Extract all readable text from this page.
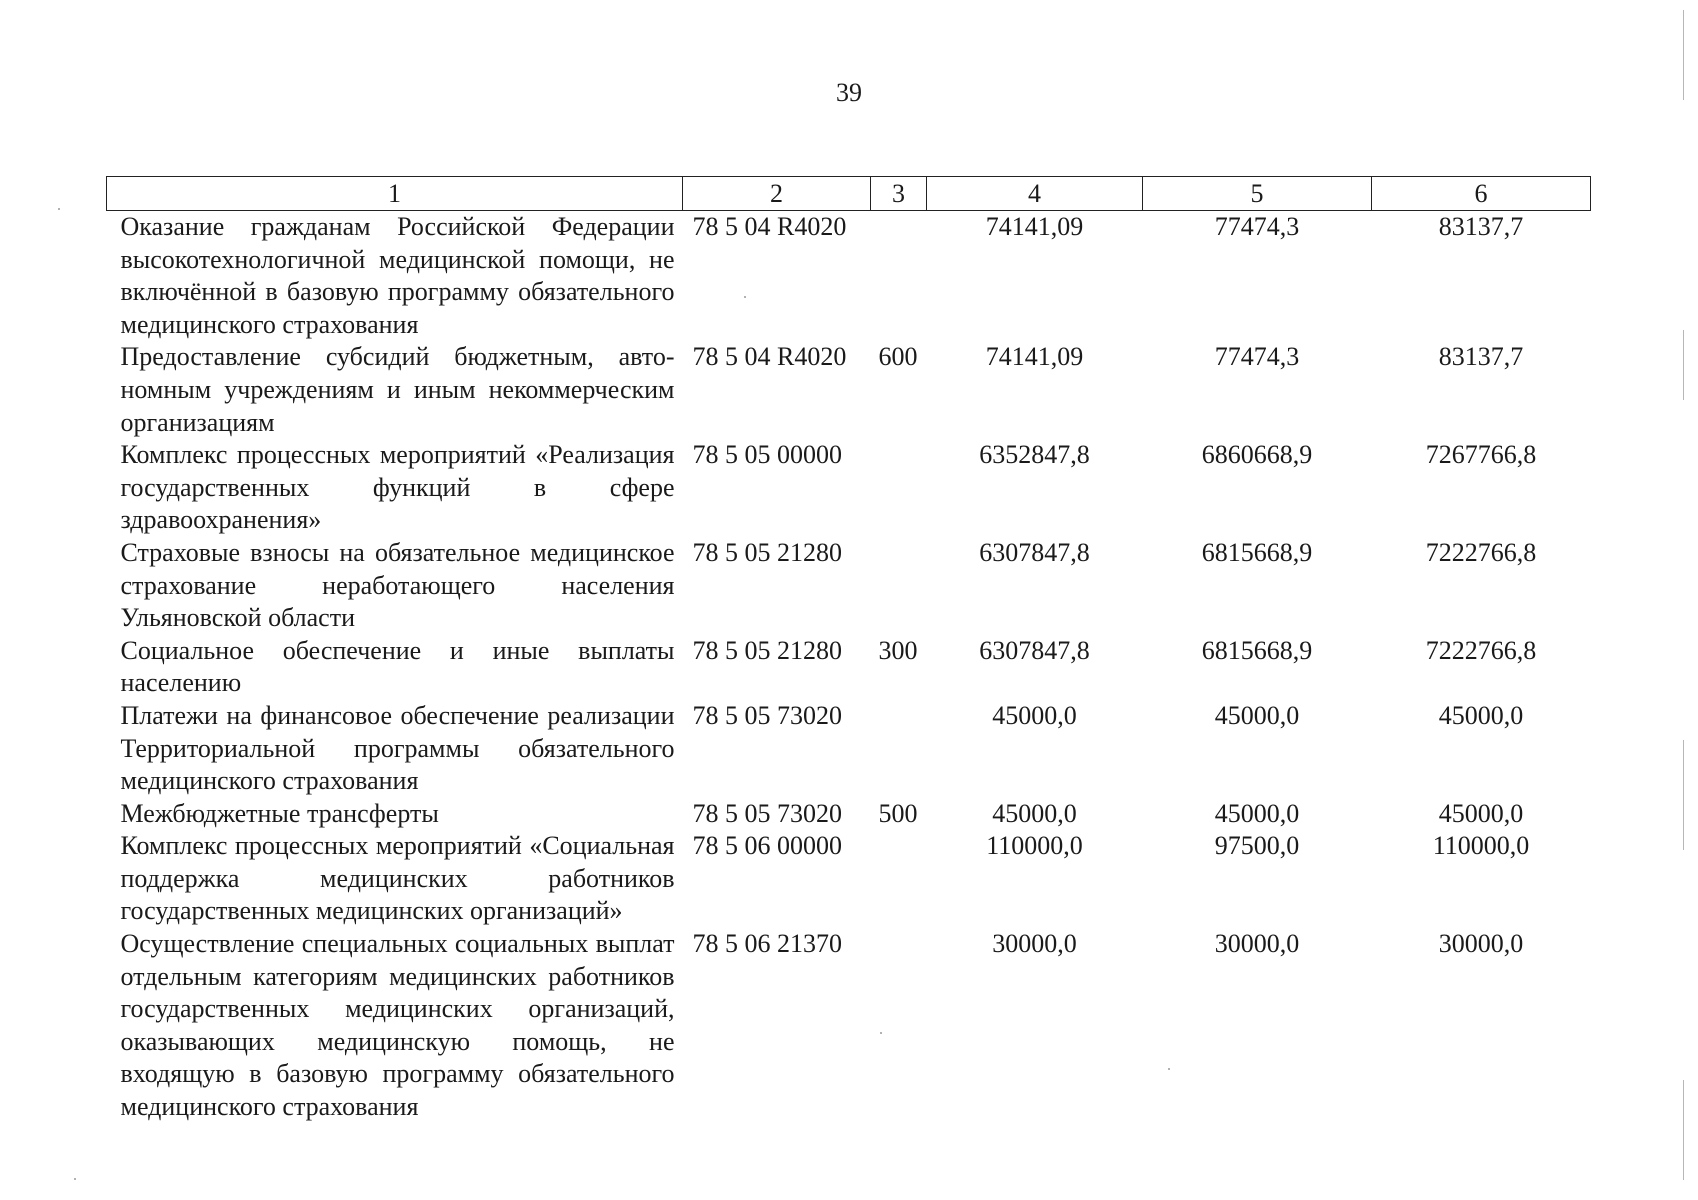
39
1	2	3	4	5	6
Оказание гражданам Российской Федерации высокотехнологичной медицинской помощи, не включённой в базовую программу обязательного медицинского страхования	78 5 04 R4020		74141,09	77474,3	83137,7
Предоставление субсидий бюджетным, автономным учреждениям и иным некоммерческим организациям	78 5 04 R4020	600	74141,09	77474,3	83137,7
Комплекс процессных мероприятий «Реализация государственных функций в сфере здравоохранения»	78 5 05 00000		6352847,8	6860668,9	7267766,8
Страховые взносы на обязательное медицинское страхование неработающего населения Ульяновской области	78 5 05 21280		6307847,8	6815668,9	7222766,8
Социальное обеспечение и иные выплаты населению	78 5 05 21280	300	6307847,8	6815668,9	7222766,8
Платежи на финансовое обеспечение реализации Территориальной программы обязательного медицинского страхования	78 5 05 73020		45000,0	45000,0	45000,0
Межбюджетные трансферты	78 5 05 73020	500	45000,0	45000,0	45000,0
Комплекс процессных мероприятий «Социальная поддержка медицинских работников государственных медицинских организаций»	78 5 06 00000		110000,0	97500,0	110000,0
Осуществление специальных социальных выплат отдельным категориям медицинских работников государственных медицинских организаций, оказывающих медицинскую помощь, не входящую в базовую программу обязательного медицинского страхования	78 5 06 21370		30000,0	30000,0	30000,0
